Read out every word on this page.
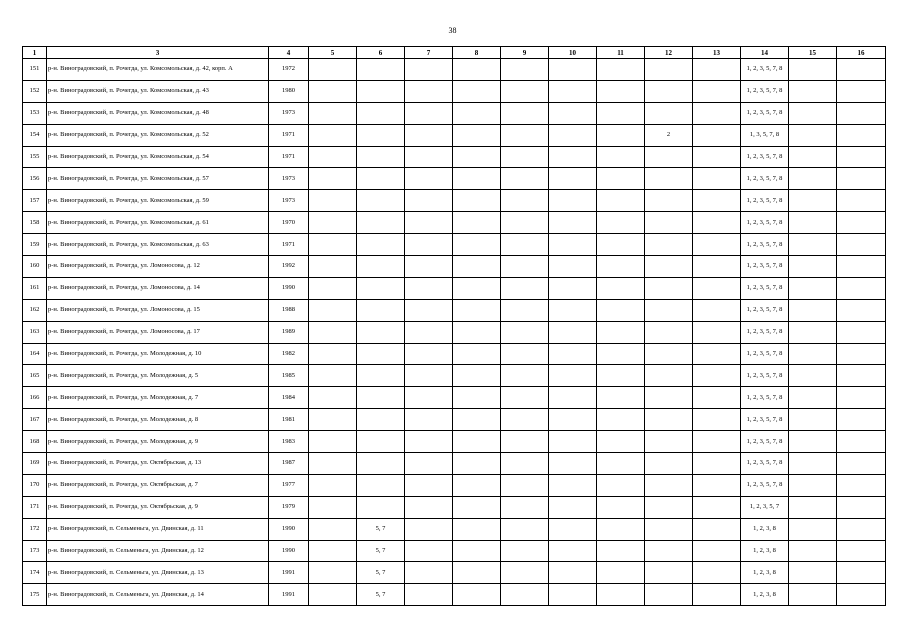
38
1	3	4	5	6	7	8	9	10	11	12	13	14	15	16
151	р-н. Виноградовский, п. Рочегда, ул. Комсомольская, д. 42, корп. А	1972										1, 2, 3, 5, 7, 8		
152	р-н. Виноградовский, п. Рочегда, ул. Комсомольская, д. 43	1980										1, 2, 3, 5, 7, 8		
153	р-н. Виноградовский, п. Рочегда, ул. Комсомольская, д. 48	1973										1, 2, 3, 5, 7, 8		
154	р-н. Виноградовский, п. Рочегда, ул. Комсомольская, д. 52	1971								2		1, 3, 5, 7, 8		
155	р-н. Виноградовский, п. Рочегда, ул. Комсомольская, д. 54	1971										1, 2, 3, 5, 7, 8		
156	р-н. Виноградовский, п. Рочегда, ул. Комсомольская, д. 57	1973										1, 2, 3, 5, 7, 8		
157	р-н. Виноградовский, п. Рочегда, ул. Комсомольская, д. 59	1973										1, 2, 3, 5, 7, 8		
158	р-н. Виноградовский, п. Рочегда, ул. Комсомольская, д. 61	1970										1, 2, 3, 5, 7, 8		
159	р-н. Виноградовский, п. Рочегда, ул. Комсомольская, д. 63	1971										1, 2, 3, 5, 7, 8		
160	р-н. Виноградовский, п. Рочегда, ул. Ломоносова, д. 12	1992										1, 2, 3, 5, 7, 8		
161	р-н. Виноградовский, п. Рочегда, ул. Ломоносова, д. 14	1990										1, 2, 3, 5, 7, 8		
162	р-н. Виноградовский, п. Рочегда, ул. Ломоносова, д. 15	1988										1, 2, 3, 5, 7, 8		
163	р-н. Виноградовский, п. Рочегда, ул. Ломоносова, д. 17	1989										1, 2, 3, 5, 7, 8		
164	р-н. Виноградовский, п. Рочегда, ул. Молодежная, д. 10	1982										1, 2, 3, 5, 7, 8		
165	р-н. Виноградовский, п. Рочегда, ул. Молодежная, д. 5	1985										1, 2, 3, 5, 7, 8		
166	р-н. Виноградовский, п. Рочегда, ул. Молодежная, д. 7	1984										1, 2, 3, 5, 7, 8		
167	р-н. Виноградовский, п. Рочегда, ул. Молодежная, д. 8	1981										1, 2, 3, 5, 7, 8		
168	р-н. Виноградовский, п. Рочегда, ул. Молодежная, д. 9	1983										1, 2, 3, 5, 7, 8		
169	р-н. Виноградовский, п. Рочегда, ул. Октябрьская, д. 13	1987										1, 2, 3, 5, 7, 8		
170	р-н. Виноградовский, п. Рочегда, ул. Октябрьская, д. 7	1977										1, 2, 3, 5, 7, 8		
171	р-н. Виноградовский, п. Рочегда, ул. Октябрьская, д. 9	1979										1, 2, 3, 5, 7		
172	р-н. Виноградовский, п. Сельменьга, ул. Двинская, д. 11	1990		5, 7								1, 2, 3, 8		
173	р-н. Виноградовский, п. Сельменьга, ул. Двинская, д. 12	1990		5, 7								1, 2, 3, 8		
174	р-н. Виноградовский, п. Сельменьга, ул. Двинская, д. 13	1991		5, 7								1, 2, 3, 8		
175	р-н. Виноградовский, п. Сельменьга, ул. Двинская, д. 14	1991		5, 7								1, 2, 3, 8		
